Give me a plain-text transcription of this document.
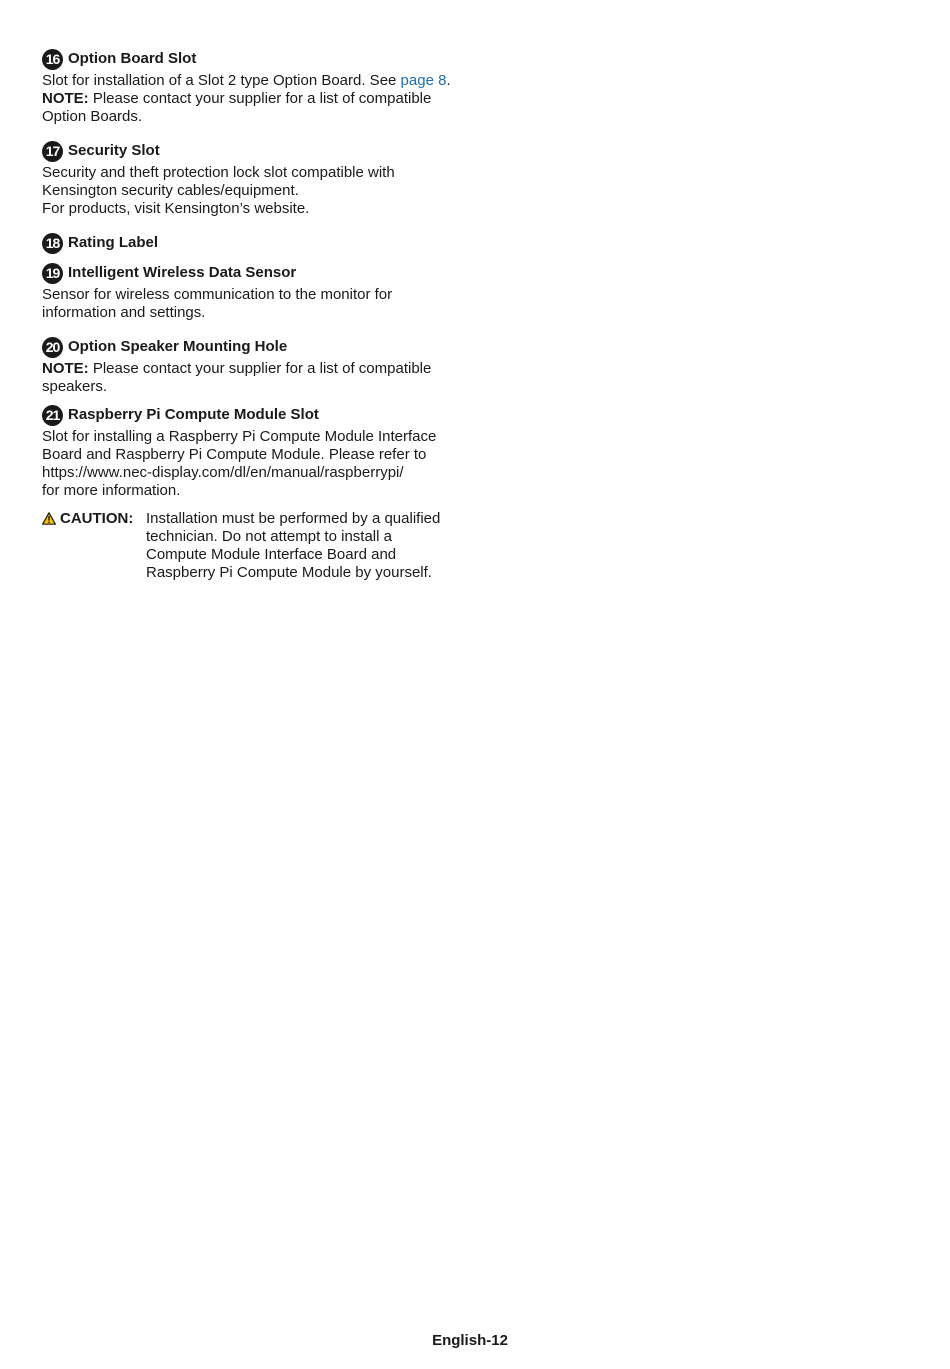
16 Option Board Slot

Slot for installation of a Slot 2 type Option Board. See page 8.

NOTE: Please contact your supplier for a list of compatible

Option Boards.

17 Security Slot

Security and theft protection lock slot compatible with

Kensington security cables/equipment.

For products, visit Kensington’s website.

18 Rating Label
19 Intelligent Wireless Data Sensor

Sensor for wireless communication to the monitor for

information and settings.

20 Option Speaker Mounting Hole

NOTE: Please contact your supplier for a list of compatible

speakers.

21 Raspberry Pi Compute Module Slot

Slot for installing a Raspberry Pi Compute Module Interface

Board and Raspberry Pi Compute Module. Please refer to

https://www.nec-display.com/dl/en/manual/raspberrypi/

for more information.

CAUTION: Installation must be performed by a qualified

technician. Do not attempt to install a

Compute Module Interface Board and

Raspberry Pi Compute Module by yourself.

English-12
